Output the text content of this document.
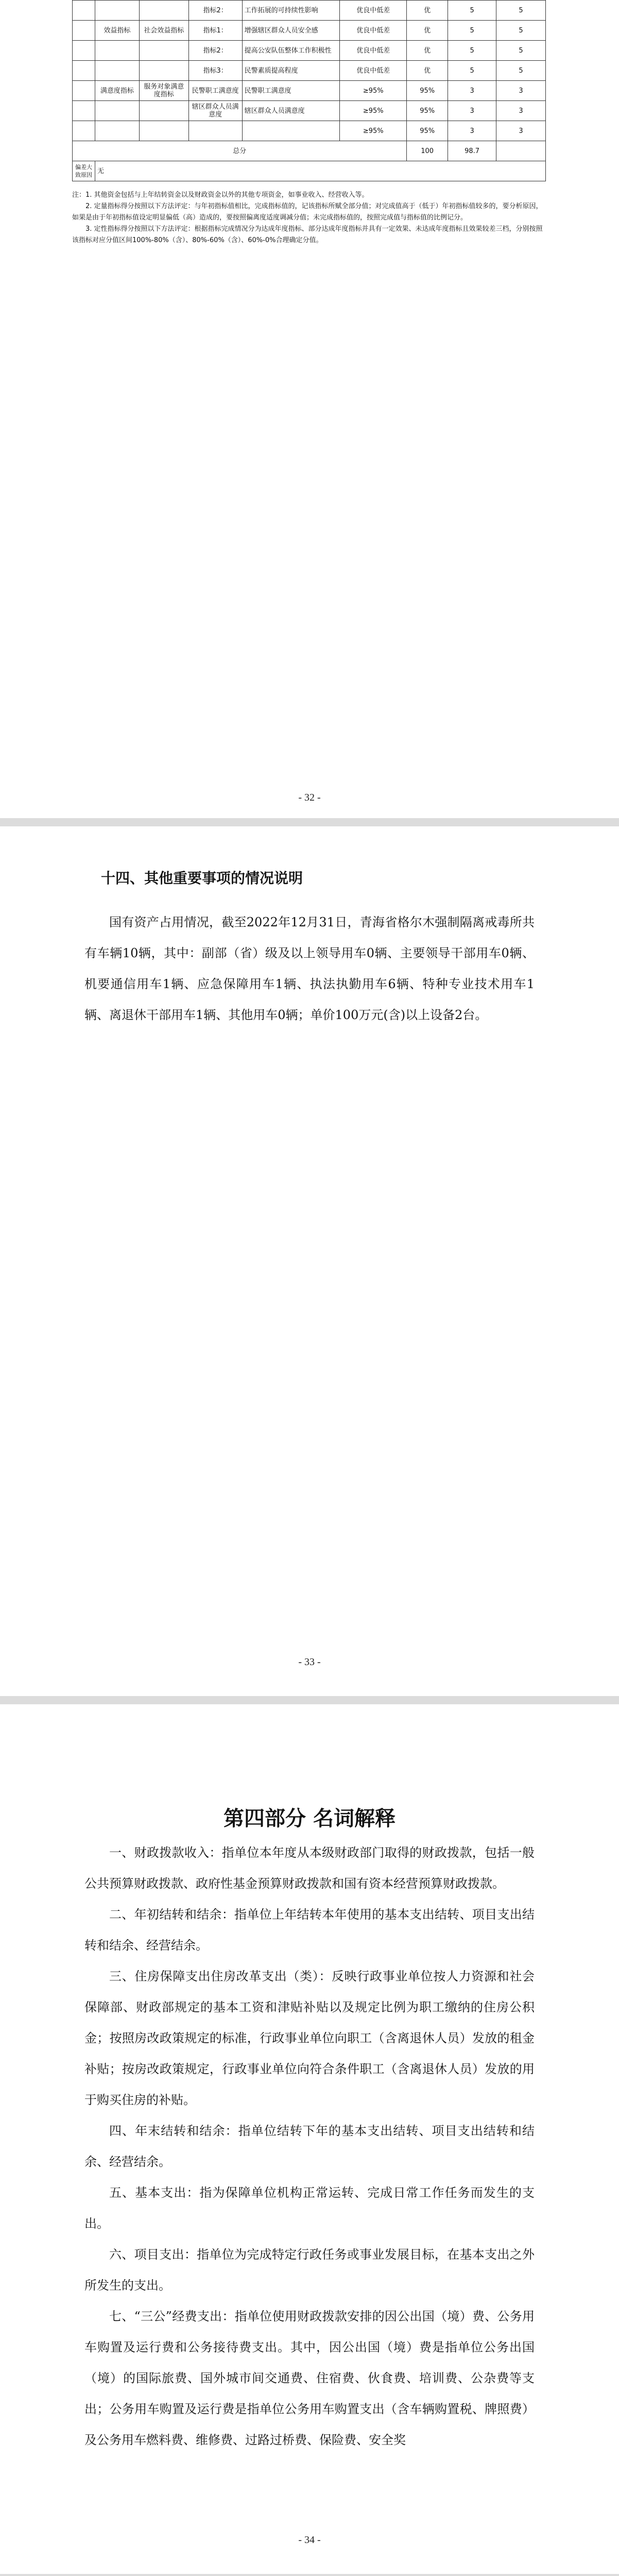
			指标2：	工作拓展的可持续性影响	优良中低差	优	5	5
	效益指标	社会效益指标	指标1：	增强辖区群众人员安全感	优良中低差	优	5	5
			指标2：	提高公安队伍整体工作积极性	优良中低差	优	5	5
			指标3：	民警素质提高程度	优良中低差	优	5	5
	满意度指标	服务对象满意度指标	民警职工满意度	民警职工满意度	≥95%	95%	3	3
			辖区群众人员满意度	辖区群众人员满意度	≥95%	95%	3	3
					≥95%	95%	3	3
总分						100	98.7	
偏差大致原因	无							

注：1. 其他资金包括与上年结转资金以及财政资金以外的其他专项资金，如事业收入、经营收入等。

2. 定量指标得分按照以下方法评定：与年初指标值相比，完成指标值的，记该指标所赋全部分值；对完成值高于（低于）年初指标值较多的，要分析原因，如果是由于年初指标值设定明显偏低（高）造成的，要按照偏离度适度调减分值；未完成指标值的，按照完成值与指标值的比例记分。

3. 定性指标得分按照以下方法评定：根据指标完成情况分为达成年度指标、部分达成年度指标并具有一定效果、未达成年度指标且效果较差三档，分别按照该指标对应分值区间100%-80%（含）、80%-60%（含）、60%-0%合理确定分值。

- 32 -
十四、其他重要事项的情况说明

国有资产占用情况，截至2022年12月31日，青海省格尔木强制隔离戒毒所共有车辆10辆，其中：副部（省）级及以上领导用车0辆、主要领导干部用车0辆、机要通信用车1辆、应急保障用车1辆、执法执勤用车6辆、特种专业技术用车1辆、离退休干部用车1辆、其他用车0辆；单价100万元(含)以上设备2台。

- 33 -
第四部分 名词解释

一、财政拨款收入：指单位本年度从本级财政部门取得的财政拨款，包括一般公共预算财政拨款、政府性基金预算财政拨款和国有资本经营预算财政拨款。

二、年初结转和结余：指单位上年结转本年使用的基本支出结转、项目支出结转和结余、经营结余。

三、住房保障支出住房改革支出（类）：反映行政事业单位按人力资源和社会保障部、财政部规定的基本工资和津贴补贴以及规定比例为职工缴纳的住房公积金；按照房改政策规定的标准，行政事业单位向职工（含离退休人员）发放的租金补贴；按房改政策规定，行政事业单位向符合条件职工（含离退休人员）发放的用于购买住房的补贴。

四、年末结转和结余：指单位结转下年的基本支出结转、项目支出结转和结余、经营结余。

五、基本支出：指为保障单位机构正常运转、完成日常工作任务而发生的支出。

六、项目支出：指单位为完成特定行政任务或事业发展目标，在基本支出之外所发生的支出。

七、“三公”经费支出：指单位使用财政拨款安排的因公出国（境）费、公务用车购置及运行费和公务接待费支出。其中，因公出国（境）费是指单位公务出国（境）的国际旅费、国外城市间交通费、住宿费、伙食费、培训费、公杂费等支出；公务用车购置及运行费是指单位公务用车购置支出（含车辆购置税、牌照费）及公务用车燃料费、维修费、过路过桥费、保险费、安全奖

- 34 -
